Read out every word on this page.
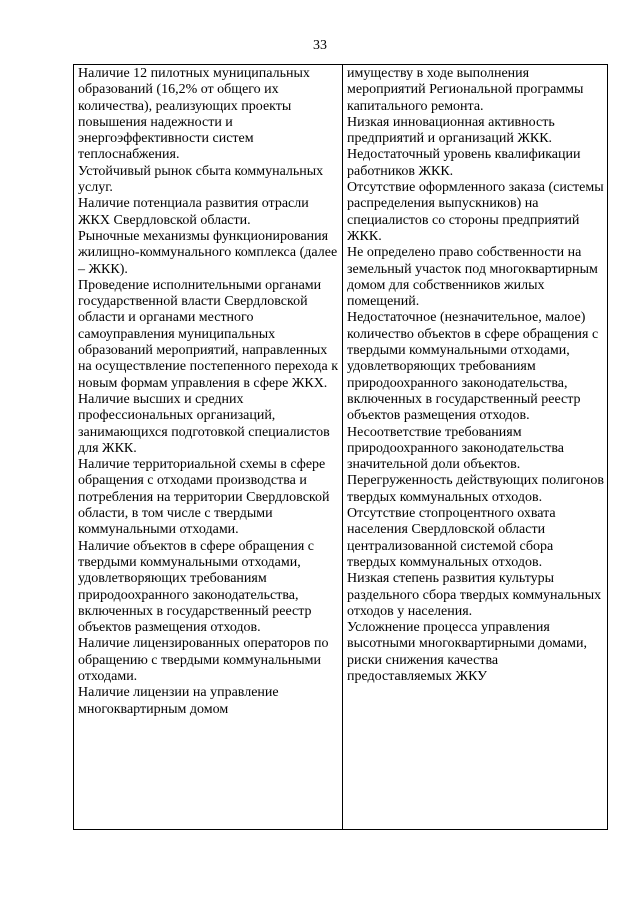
33

Наличие 12 пилотных муниципальных образований (16,2% от общего их количества), реализующих проекты повышения надежности и энергоэффективности систем теплоснабжения.

Устойчивый рынок сбыта коммунальных услуг.

Наличие потенциала развития отрасли ЖКХ Свердловской области.

Рыночные механизмы функционирования жилищно-коммунального комплекса (далее – ЖКК).

Проведение исполнительными органами государственной власти Свердловской области и органами местного самоуправления муниципальных образований мероприятий, направленных

на осуществление постепенного перехода к новым формам управления в сфере ЖКХ.

Наличие высших и средних профессиональных организаций, занимающихся подготовкой специалистов для ЖКК.

Наличие территориальной схемы в сфере обращения с отходами производства и потребления на территории Свердловской области, в том числе с твердыми коммунальными отходами.

Наличие объектов в сфере обращения с твердыми коммунальными отходами, удовлетворяющих требованиям природоохранного законодательства, включенных в государственный реестр объектов размещения отходов.

Наличие лицензированных операторов по обращению с твердыми коммунальными отходами.

Наличие лицензии на управление многоквартирным домом

имуществу в ходе выполнения мероприятий Региональной программы капитального ремонта.

Низкая инновационная активность предприятий и организаций ЖКК.

Недостаточный уровень квалификации работников ЖКК.

Отсутствие оформленного заказа (системы распределения выпускников) на специалистов со стороны предприятий ЖКК.

Не определено право собственности на земельный участок под многоквартирным домом для собственников жилых помещений.

Недостаточное (незначительное, малое) количество объектов в сфере обращения с твердыми коммунальными отходами, удовлетворяющих требованиям природоохранного законодательства, включенных в государственный реестр объектов размещения отходов.

Несоответствие требованиям природоохранного законодательства значительной доли объектов.

Перегруженность действующих полигонов твердых коммунальных отходов.

Отсутствие стопроцентного охвата населения Свердловской области централизованной системой сбора твердых коммунальных отходов.

Низкая степень развития культуры раздельного сбора твердых коммунальных отходов у населения.

Усложнение процесса управления высотными многоквартирными домами, риски снижения качества предоставляемых ЖКУ
